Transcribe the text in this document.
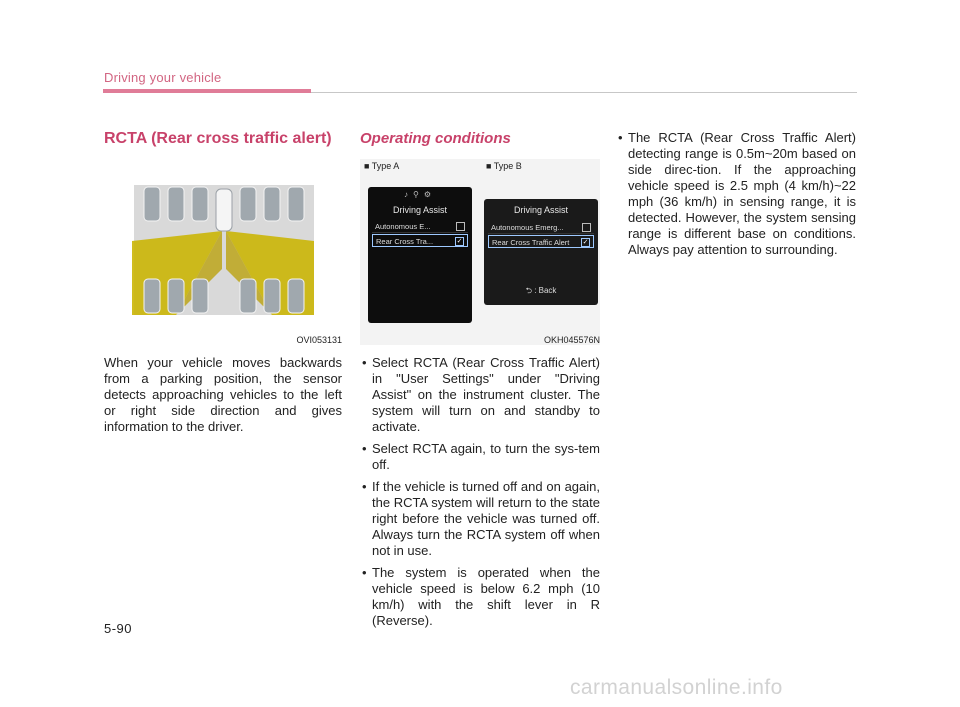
Driving your vehicle
RCTA (Rear cross traffic alert)
OVI053131

When your vehicle moves backwards from a parking position, the sensor detects approaching vehicles to the left or right side direction and gives information to the driver.

Operating conditions
■ Type A	■ Type B
♪⚲⚙
Driving Assist
Autonomous E...
Rear Cross Tra...	✓
Driving Assist
Autonomous Emerg...
Rear Cross Traffic Alert ✓
⮌ : Back
OKH045576N
• Select RCTA (Rear Cross Traffic Alert) in "User Settings" under "Driving Assist" on the instrument cluster. The system will turn on and standby to activate.
• Select RCTA again, to turn the sys-tem off.
• If the vehicle is turned off and on again, the RCTA system will return to the state right before the vehicle was turned off. Always turn the RCTA system off when not in use.
• The system is operated when the vehicle speed is below 6.2 mph (10 km/h) with the shift lever in R (Reverse).
• The RCTA (Rear Cross Traffic Alert) detecting range is 0.5m~20m based on side direc-tion. If the approaching vehicle speed is 2.5 mph (4 km/h)~22 mph (36 km/h) in sensing range, it is detected. However, the system sensing range is different base on conditions. Always pay attention to surrounding.
5-90
carmanualsonline.info
